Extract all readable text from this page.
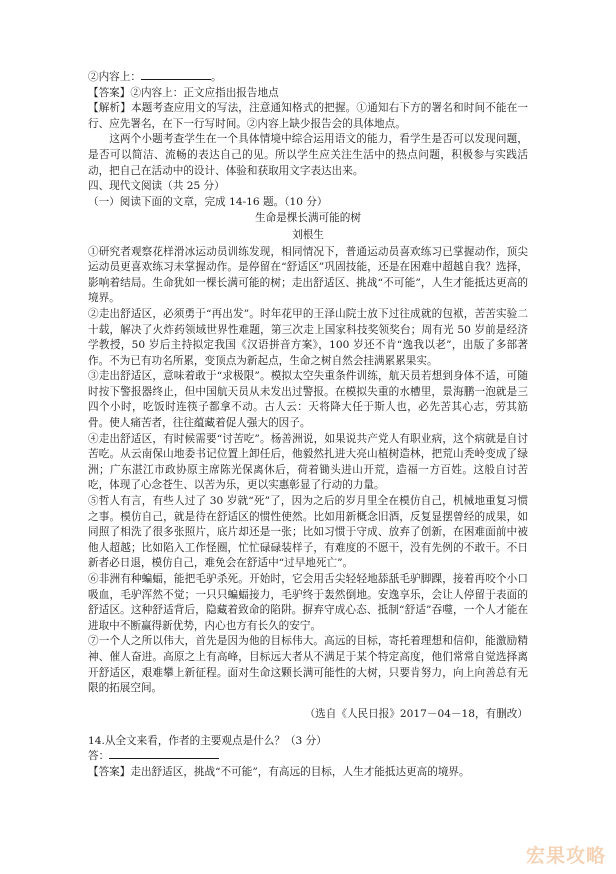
②内容上：	。

【答案】②内容上：正文应指出报告地点

【解析】本题考查应用文的写法，注意通知格式的把握。①通知右下方的署名和时间不能在一行、应先署名，在下一行写时间。②内容上缺少报告会的具体地点。

这两个小题考查学生在一个具体情境中综合运用语文的能力，看学生是否可以发现问题，是否可以简洁、流畅的表达自己的见。所以学生应关注生活中的热点问题，积极参与实践活动，把自己在活动中的设计、体验和获取用文字表达出来。

四、现代文阅读（共 25 分）

（一）阅读下面的文章，完成 14-16 题。（10 分）

生命是棵长满可能的树

刘根生

①研究者观察花样滑冰运动员训练发现，相同情况下，普通运动员喜欢练习已掌握动作，顶尖运动员更喜欢练习未掌握动作。是停留在“舒适区”巩固技能，还是在困难中超越自我？选择，影响着结局。生命犹如一棵长满可能的树；走出舒适区、挑战“不可能”，人生才能抵达更高的境界。

②走出舒适区，必须勇于“再出发”。时年花甲的王泽山院士放下过往成就的包袱，苦苦实验二十载，解决了火炸药领域世界性难题，第三次走上国家科技奖领奖台；周有光 50 岁前是经济学教授，50 岁后主持拟定我国《汉语拼音方案》，100 岁还不肯“逸我以老”，出版了多部著作。不为已有功名所累，变顶点为新起点，生命之树自然会挂满累累果实。

③走出舒适区，意味着敢于“求极限”。模拟太空失重条件训练，航天员若想到身体不适，可随时按下警报器终止，但中国航天员从未发出过警报。在模拟失重的水槽里，景海鹏一泡就是三四个小时，吃饭时连筷子都拿不动。古人云：天将降大任于斯人也，必先苦其心志，劳其筋骨。使人痛苦者，往往蕴藏着促人强大的因子。

④走出舒适区，有时候需要“讨苦吃”。杨善洲说，如果说共产党人有职业病，这个病就是自讨苦吃。从云南保山地委书记位置上卸任后，他毅然扎进大亮山植树造林，把荒山秃岭变成了绿洲；广东湛江市政协原主席陈光保离休后，荷着锄头进山开荒，造福一方百姓。这般自讨苦吃，体现了心念苍生、以苦为乐，更以实惠彰显了行动的力量。

⑤哲人有言，有些人过了 30 岁就“死”了，因为之后的岁月里全在模仿自己，机械地重复习惯之事。模仿自己，就是待在舒适区的惯性使然。比如用新概念旧酒，反复显摆曾经的成果，如同照了相洗了很多张照片，底片却还是一张；比如习惯于守成、放弃了创新，在困难面前中被他人超越；比如陷入工作怪圈，忙忙碌碌装样子，有难度的不愿干，没有先例的不敢干。不日新者必日退，模仿自己，难免会在舒适中“过早地死亡”。

⑥非洲有种蝙蝠，能把毛驴杀死。开始时，它会用舌尖轻轻地舔舐毛驴脚踝，接着再咬个小口吸血，毛驴浑然不觉；一只只蝙蝠接力，毛驴终于轰然倒地。安逸享乐，会让人停留于表面的舒适区。这种舒适背后，隐藏着致命的陷阱。摒弃守成心态、抵制“舒适”吞噬，一个人才能在进取中不断赢得新优势，内心也方有长久的安宁。

⑦一个人之所以伟大，首先是因为他的目标伟大。高远的目标，寄托着理想和信仰，能激励精神、催人奋进。高原之上有高峰，目标远大者从不满足于某个特定高度，他们常常自觉选择离开舒适区，艰难攀上新征程。面对生命这颗长满可能性的大树，只要肯努力，向上向善总有无限的拓展空间。

（选自《人民日报》2017－04－18，有删改）

14.从全文来看，作者的主要观点是什么？（3 分）

答：

【答案】走出舒适区，挑战“不可能”，有高远的目标，人生才能抵达更高的境界。

宏果攻略
